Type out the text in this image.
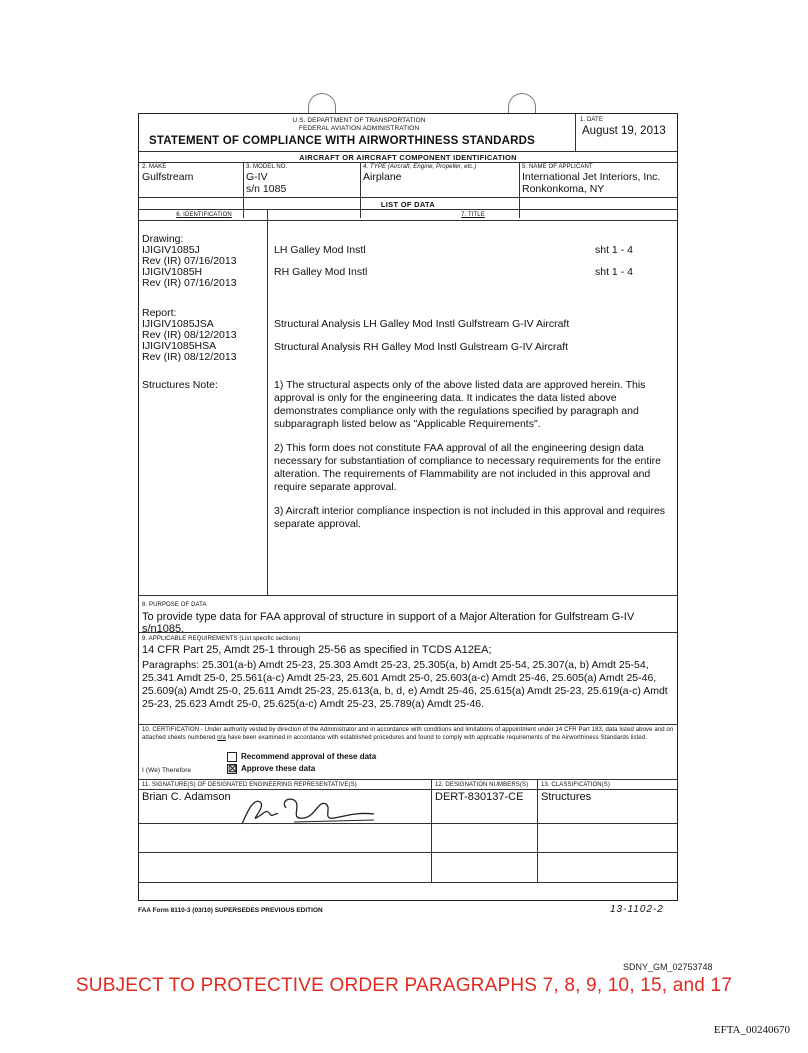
U.S. DEPARTMENT OF TRANSPORTATION
FEDERAL AVIATION ADMINISTRATION
STATEMENT OF COMPLIANCE WITH AIRWORTHINESS STANDARDS
1. DATE
August 19, 2013
AIRCRAFT OR AIRCRAFT COMPONENT IDENTIFICATION
2. MAKE
Gulfstream
3. MODEL NO.
G-IV
s/n 1085
4. TYPE (Aircraft, Engine, Propeller, etc.)
Airplane
5. NAME OF APPLICANT
International Jet Interiors, Inc.
Ronkonkoma, NY
LIST OF DATA
6. IDENTIFICATION	7. TITLE
Drawing:
IJIGIV1085J
Rev (IR) 07/16/2013
LH Galley Mod Instl	sht 1 - 4
IJIGIV1085H
Rev (IR) 07/16/2013
RH Galley Mod Instl	sht 1 - 4
Report:
IJIGIV1085JSA
Rev (IR) 08/12/2013
Structural Analysis LH Galley Mod Instl Gulfstream G-IV Aircraft
IJIGIV1085HSA
Rev (IR) 08/12/2013
Structural Analysis RH Galley Mod Instl Gulstream G-IV Aircraft
Structures Note:	1) The structural aspects only of the above listed data are approved herein. This approval is only for the engineering data. It indicates the data listed above demonstrates compliance only with the regulations specified by paragraph and subparagraph listed below as "Applicable Requirements".
2) This form does not constitute FAA approval of all the engineering design data necessary for substantiation of compliance to necessary requirements for the entire alteration. The requirements of Flammability are not included in this approval and require separate approval.
3) Aircraft interior compliance inspection is not included in this approval and requires separate approval.
8. PURPOSE OF DATA
To provide type data for FAA approval of structure in support of a Major Alteration for Gulfstream G-IV s/n1085.
9. APPLICABLE REQUIREMENTS (List specific sections)
14 CFR Part 25, Amdt 25-1 through 25-56 as specified in TCDS A12EA;
Paragraphs: 25.301(a-b) Amdt 25-23, 25.303 Amdt 25-23, 25.305(a, b) Amdt 25-54, 25.307(a, b) Amdt 25-54, 25.341 Amdt 25-0, 25.561(a-c) Amdt 25-23, 25.601 Amdt 25-0, 25.603(a-c) Amdt 25-46, 25.605(a) Amdt 25-46, 25.609(a) Amdt 25-0, 25.611 Amdt 25-23, 25.613(a, b, d, e) Amdt 25-46, 25.615(a) Amdt 25-23, 25.619(a-c) Amdt 25-23, 25.623 Amdt 25-0, 25.625(a-c) Amdt 25-23, 25.789(a) Amdt 25-46.
10. CERTIFICATION - Under authority vested by direction of the Administrator and in accordance with conditions and limitations of appointment under 14 CFR Part 183, data listed above and on attached sheets numbered n/a have been examined in accordance with established procedures and found to comply with applicable requirements of the Airworthiness Standards listed.
Recommend approval of these data
I (We) Therefore	☒ Approve these data
11. SIGNATURE(S) OF DESIGNATED ENGINEERING REPRESENTATIVE(S)	12. DESIGNATION NUMBERS(S) 13. CLASSIFICATION(S)
Brian C. Adamson	DERT-830137-CE Structures
FAA Form 8110-3 (03/10) SUPERSEDES PREVIOUS EDITION	13-1102-2
SDNY_GM_02753748
SUBJECT TO PROTECTIVE ORDER PARAGRAPHS 7, 8, 9, 10, 15, and 17
EFTA_00240670
